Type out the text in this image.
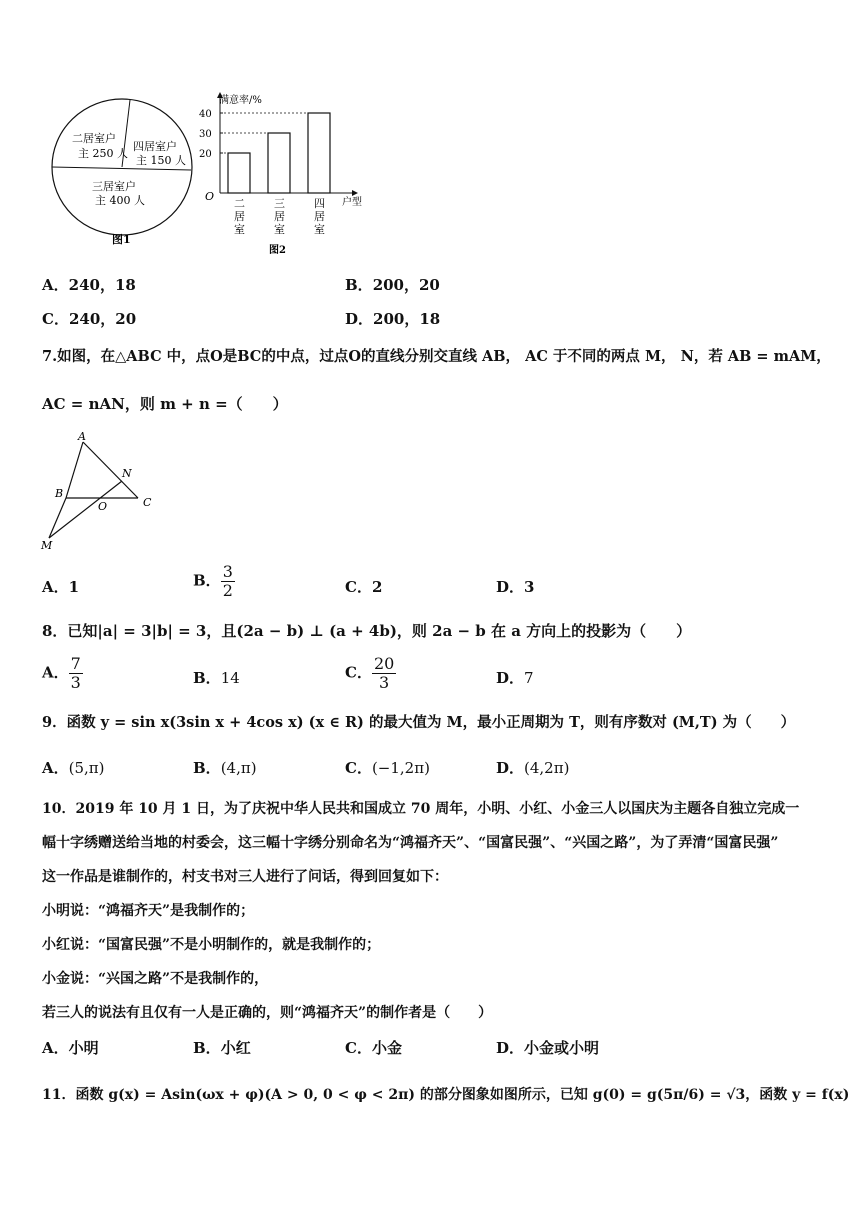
二居室户
主 250 人
四居室户
主 150 人
三居室户
主 400 人
图1
满意率/%
户型
O
图2
20
30
40
二
居
室
三
居
室
四
居
室
A．240，18	B．200，20
C．240，20	D．200，18
7.如图，在△ABC 中，点O是BC的中点，过点O的直线分别交直线 AB， AC 于不同的两点 M， N，若 AB = mAM，
AC = nAN，则 m + n =（　　）
A
B
C
N
O
M
A．1	B． $\frac{3}{2}$	C．2	D．3
8．已知|a| = 3|b| = 3，且(2a − b) ⊥ (a + 4b)，则 2a − b 在 a 方向上的投影为（　　）
A． $\frac{7}{3}$	B．14	C． $\frac{20}{3}$	D．7
9．函数 y = sin x(3sin x + 4cos x) (x ∈ R) 的最大值为 M，最小正周期为 T，则有序数对 (M,T) 为（　　）
A．(5,π)	B．(4,π)	C．(−1,2π)	D．(4,2π)
10．2019 年 10 月 1 日，为了庆祝中华人民共和国成立 70 周年，小明、小红、小金三人以国庆为主题各自独立完成一
幅十字绣赠送给当地的村委会，这三幅十字绣分别命名为“鸿福齐天”、“国富民强”、“兴国之路”，为了弄清“国富民强”
这一作品是谁制作的，村支书对三人进行了问话，得到回复如下：
小明说：“鸿福齐天”是我制作的；
小红说：“国富民强”不是小明制作的，就是我制作的；
小金说：“兴国之路”不是我制作的，
若三人的说法有且仅有一人是正确的，则“鸿福齐天”的制作者是（　　）
A．小明	B．小红	C．小金	D．小金或小明
11．函数 g(x) = Asin(ωx + φ)(A > 0, 0 < φ < 2π) 的部分图象如图所示，已知 g(0) = g(5π/6) = √3，函数 y = f(x)
